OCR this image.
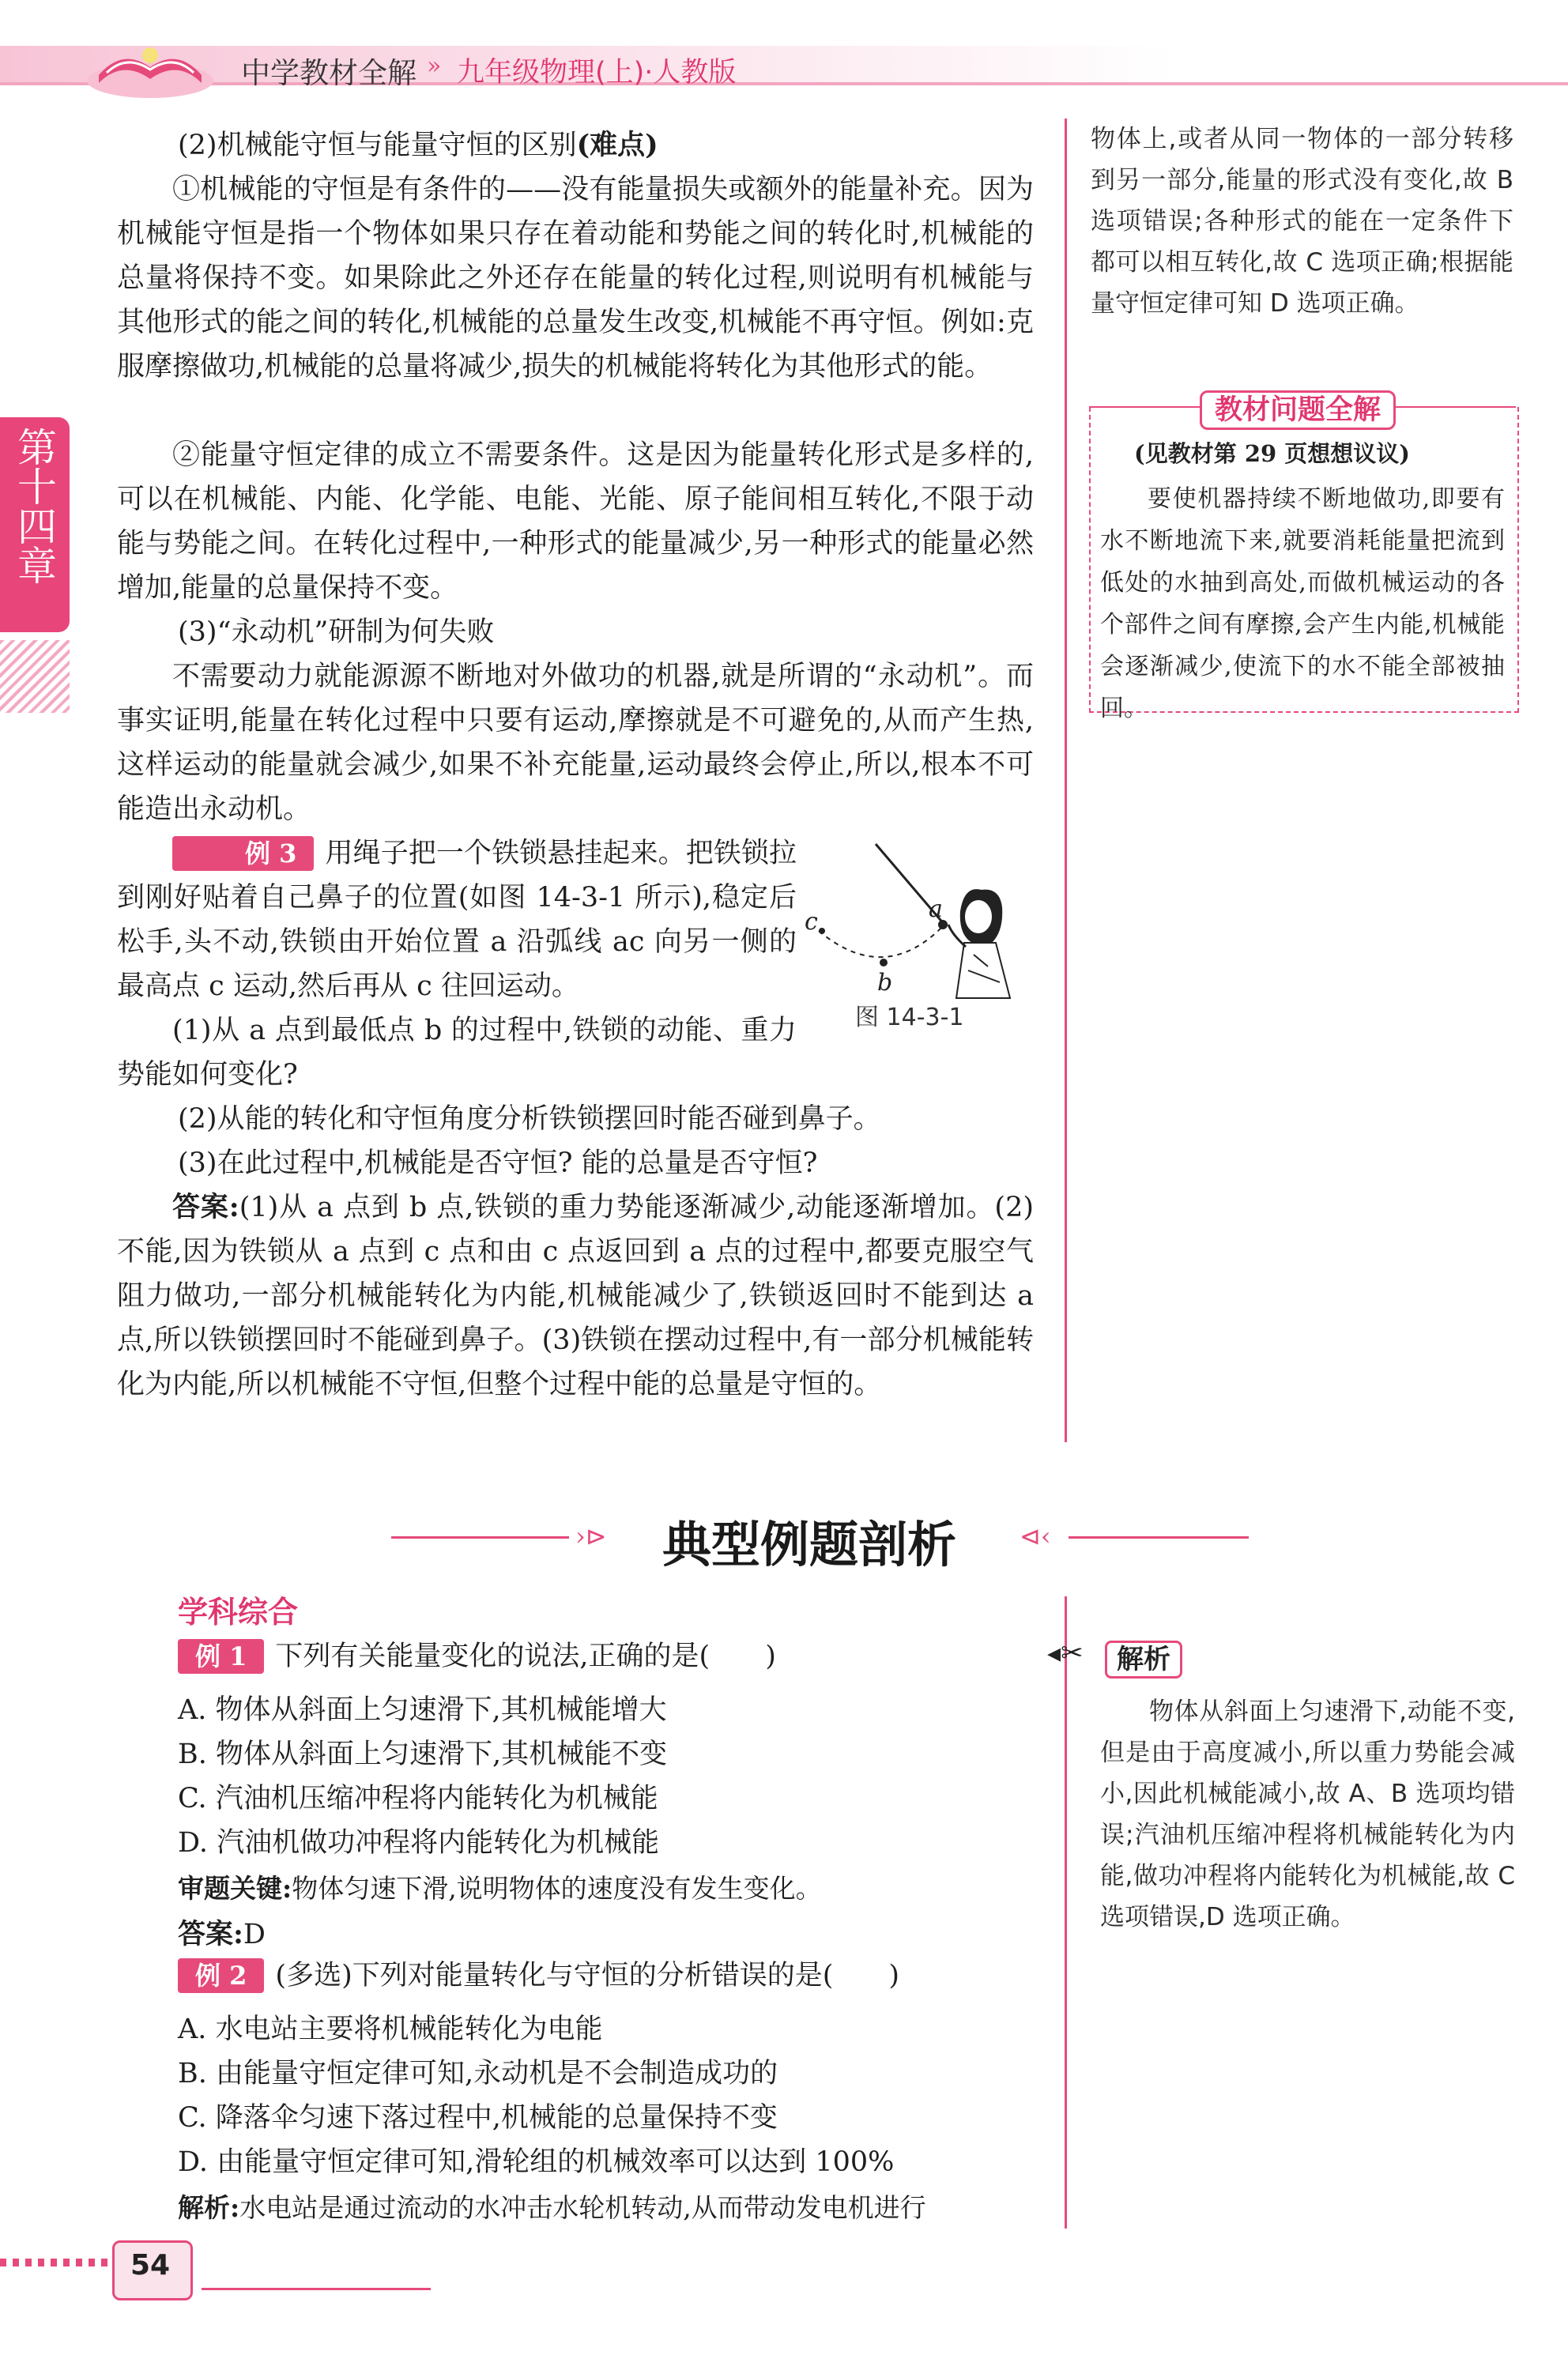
中学教材全解 » 九年级物理(上)·人教版
第十四章
(2)机械能守恒与能量守恒的区别(难点)

①机械能的守恒是有条件的——没有能量损失或额外的能量补充。因为机械能守恒是指一个物体如果只存在着动能和势能之间的转化时,机械能的总量将保持不变。如果除此之外还存在能量的转化过程,则说明有机械能与其他形式的能之间的转化,机械能的总量发生改变,机械能不再守恒。例如:克服摩擦做功,机械能的总量将减少,损失的机械能将转化为其他形式的能。

②能量守恒定律的成立不需要条件。这是因为能量转化形式是多样的,可以在机械能、内能、化学能、电能、光能、原子能间相互转化,不限于动能与势能之间。在转化过程中,一种形式的能量减少,另一种形式的能量必然增加,能量的总量保持不变。

(3)“永动机”研制为何失败

不需要动力就能源源不断地对外做功的机器,就是所谓的“永动机”。而事实证明,能量在转化过程中只要有运动,摩擦就是不可避免的,从而产生热,这样运动的能量就会减少,如果不补充能量,运动最终会停止,所以,根本不可能造出永动机。

例 3 用绳子把一个铁锁悬挂起来。把铁锁拉到刚好贴着自己鼻子的位置(如图 14-3-1 所示),稳定后松手,头不动,铁锁由开始位置 a 沿弧线 ac 向另一侧的最高点 c 运动,然后再从 c 往回运动。

c	a
b
图 14-3-1

(1)从 a 点到最低点 b 的过程中,铁锁的动能、重力势能如何变化?

(2)从能的转化和守恒角度分析铁锁摆回时能否碰到鼻子。
(3)在此过程中,机械能是否守恒? 能的总量是否守恒?

答案:(1)从 a 点到 b 点,铁锁的重力势能逐渐减少,动能逐渐增加。(2)不能,因为铁锁从 a 点到 c 点和由 c 点返回到 a 点的过程中,都要克服空气阻力做功,一部分机械能转化为内能,机械能减少了,铁锁返回时不能到达 a 点,所以铁锁摆回时不能碰到鼻子。(3)铁锁在摆动过程中,有一部分机械能转化为内能,所以机械能不守恒,但整个过程中能的总量是守恒的。

物体上,或者从同一物体的一部分转移到另一部分,能量的形式没有变化,故 B 选项错误;各种形式的能在一定条件下都可以相互转化,故 C 选项正确;根据能量守恒定律可知 D 选项正确。

教材问题全解
(见教材第 29 页想想议议)

要使机器持续不断地做功,即要有水不断地流下来,就要消耗能量把流到低处的水抽到高处,而做机械运动的各个部件之间有摩擦,会产生内能,机械能会逐渐减少,使流下的水不能全部被抽回。

›⊳ 典型例题剖析 ⊲‹
学科综合
例 1 下列有关能量变化的说法,正确的是(　　)
A. 物体从斜面上匀速滑下,其机械能增大
B. 物体从斜面上匀速滑下,其机械能不变
C. 汽油机压缩冲程将内能转化为机械能
D. 汽油机做功冲程将内能转化为机械能
审题关键:物体匀速下滑,说明物体的速度没有发生变化。
答案:D
例 2 (多选)下列对能量转化与守恒的分析错误的是(　　)
A. 水电站主要将机械能转化为电能
B. 由能量守恒定律可知,永动机是不会制造成功的
C. 降落伞匀速下落过程中,机械能的总量保持不变
D. 由能量守恒定律可知,滑轮组的机械效率可以达到 100%
解析:水电站是通过流动的水冲击水轮机转动,从而带动发电机进行
◂✂	解析

物体从斜面上匀速滑下,动能不变,但是由于高度减小,所以重力势能会减小,因此机械能减小,故 A、B 选项均错误;汽油机压缩冲程将机械能转化为内能,做功冲程将内能转化为机械能,故 C 选项错误,D 选项正确。

54
